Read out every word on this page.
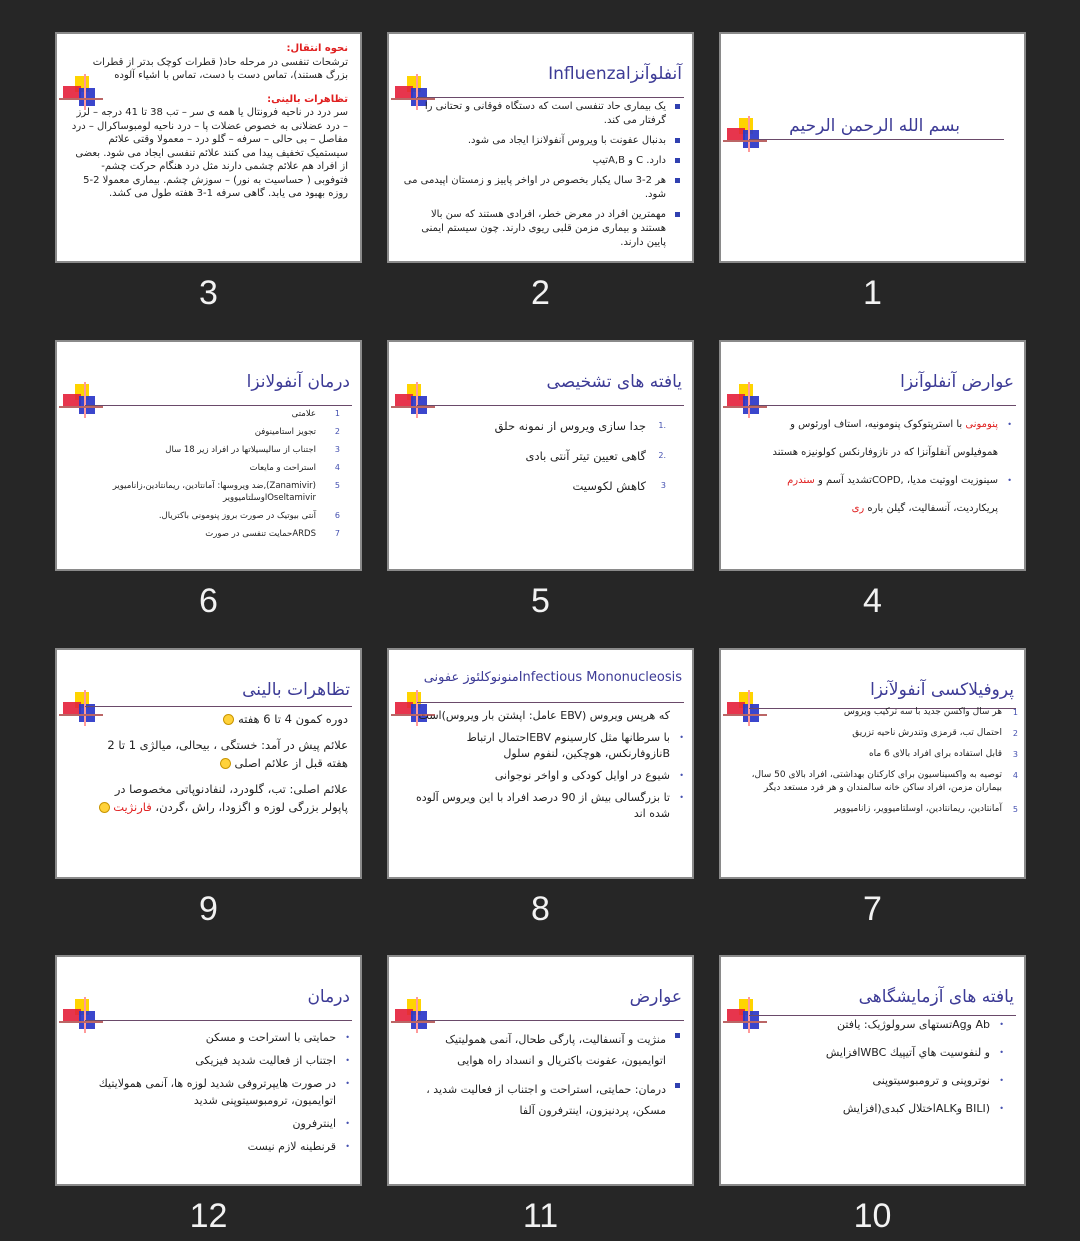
بسم الله الرحمن الرحيم
1
آنفلوآنزاInfluenza
یک بیماری حاد تنفسی است که دستگاه فوقانی و تحتانی را گرفتار می کند.
بدنبال عفونت با ویروس آنفولانزا ایجاد می شود.
دارد. C و A,Bتیپ
هر 2-3 سال یکبار بخصوص در اواخر پاییز و زمستان اپیدمی می شود.
مهمترین افراد در معرض خطر، افرادی هستند که سن بالا هستند و بیماری مزمن قلبی ریوی دارند. چون سیستم ایمنی پایین دارند.
2
نحوه انتقال:
ترشحات تنفسی در مرحله حاد( قطرات کوچک بدتر از قطرات بزرگ هستند)، تماس دست با دست، تماس با اشیاء آلوده
تظاهرات بالینی:
سر درد در ناحیه فرونتال یا همه ی سر – تب 38 تا 41 درجه – لرز – درد عضلانی به خصوص عضلات پا – درد ناحیه لومبوساکرال – درد مفاصل – بی حالی – سرفه – گلو درد – معمولا وقتی علائم سیستمیک تخفیف پیدا می کنند علائم تنفسی ایجاد می شود. بعضی از افراد هم علائم چشمی دارند مثل درد هنگام حرکت چشم- فتوفوبی ( حساسیت به نور) – سوزش چشم. بیماری معمولا 2-5 روزه بهبود می یابد. گاهی سرفه 1-3 هفته طول می کشد.
3
عوارض آنفلوآنزا
•
پنومونی با استرپتوکوک پنومونیه، استاف اورئوس و
هموفیلوس آنفلوآنزا که در نازوفارنکس کولونیزه هستند
•
سینوزیت اووتیت مدیا، ,COPDتشدید آسم و سندرم
پریکاردیت، آنسفالیت، گیلن باره ری
4
یافته های تشخیصی
.1
جدا سازی ویروس از نمونه حلق
.2
گاهی تعیین تیتر آنتی بادی
3
کاهش لکوسیت
5
درمان آنفولانزا
1
علامتی
2
تجویز استامینوفن
3
اجتناب از سالیسیلاتها در افراد زیر 18 سال
4
استراحت و مایعات
5
(Zanamivir),ضد ویروسها: آمانتادین، ریمانتادین،زانامیویر
Oseltamivirاوسلتامیوویر
6
آنتی بیوتیک در صورت بروز پنومونی باکتریال.
7
ARDSحمایت تنفسی در صورت
6
پروفیلاکسی آنفولآنزا
1
هر سال واکسن جدید با سه ترکیب ویروس
2
احتمال تب، قرمزی وتندرش ناحیه تزریق
3
قابل استفاده برای افراد بالای 6 ماه
4
توصیه به واکسیناسیون برای کارکنان بهداشتی، افراد بالای 50 سال، بیماران مزمن، افراد ساکن خانه سالمندان و هر فرد مستعد دیگر
5
آمانتادین، ریمانتادین، اوسلتامیوویر، زانامیوویر
7
Infectious Mononucleosisمنونوکلئوز عفونی
که هرپس ویروس (EBV عامل: اپشتن بار ویروس)است
•
با سرطانها مثل کارسینوم EBVاحتمال ارتباط Bنازوفارنکس، هوچکین، لنفوم سلول
•
شیوع در اوایل کودکی و اواخر نوجوانی
•
تا بزرگسالی بیش از 90 درصد افراد با این ویروس آلوده شده اند
8
تظاهرات بالینی
دوره کمون 4 تا 6 هفته
علائم پیش در آمد: خستگی ، بیحالی، میالژی 1 تا 2 هفته قبل از علائم اصلی
علائم اصلی: تب، گلودرد، لنفادنوپاتی مخصوصا در پاپولر بزرگی لوزه و اگزودا، راش ،گردن، فارنژیت
9
یافته های آزمایشگاهی
•
Ab وAgتستهای سرولوژیک: یافتن
•
و لنفوسیت هاي آتیپیك WBCافزایش
•
نوتروپنی و ترومبوسیتوپنی
•
(BILI وALKاختلال کبدی(افزایش
10
عوارض
منژیت و آنسفالیت، پارگی طحال، آنمی همولیتیک اتوایمیون، عفونت باکتریال و انسداد راه هوایی
درمان: حمایتی، استراحت و اجتناب از فعالیت شدید ، مسکن، پردنیزون، اینترفرون آلفا
11
درمان
•
حمایتی با استراحت و مسکن
•
اجتناب از فعالیت شدید فیزیکی
•
در صورت هایپرتروفی شدید لوزه ها، آنمی همولایتیك اتوایمیون، ترومبوسیتوپنی شدید
•
اینترفرون
•
قرنطینه لازم نیست
12
